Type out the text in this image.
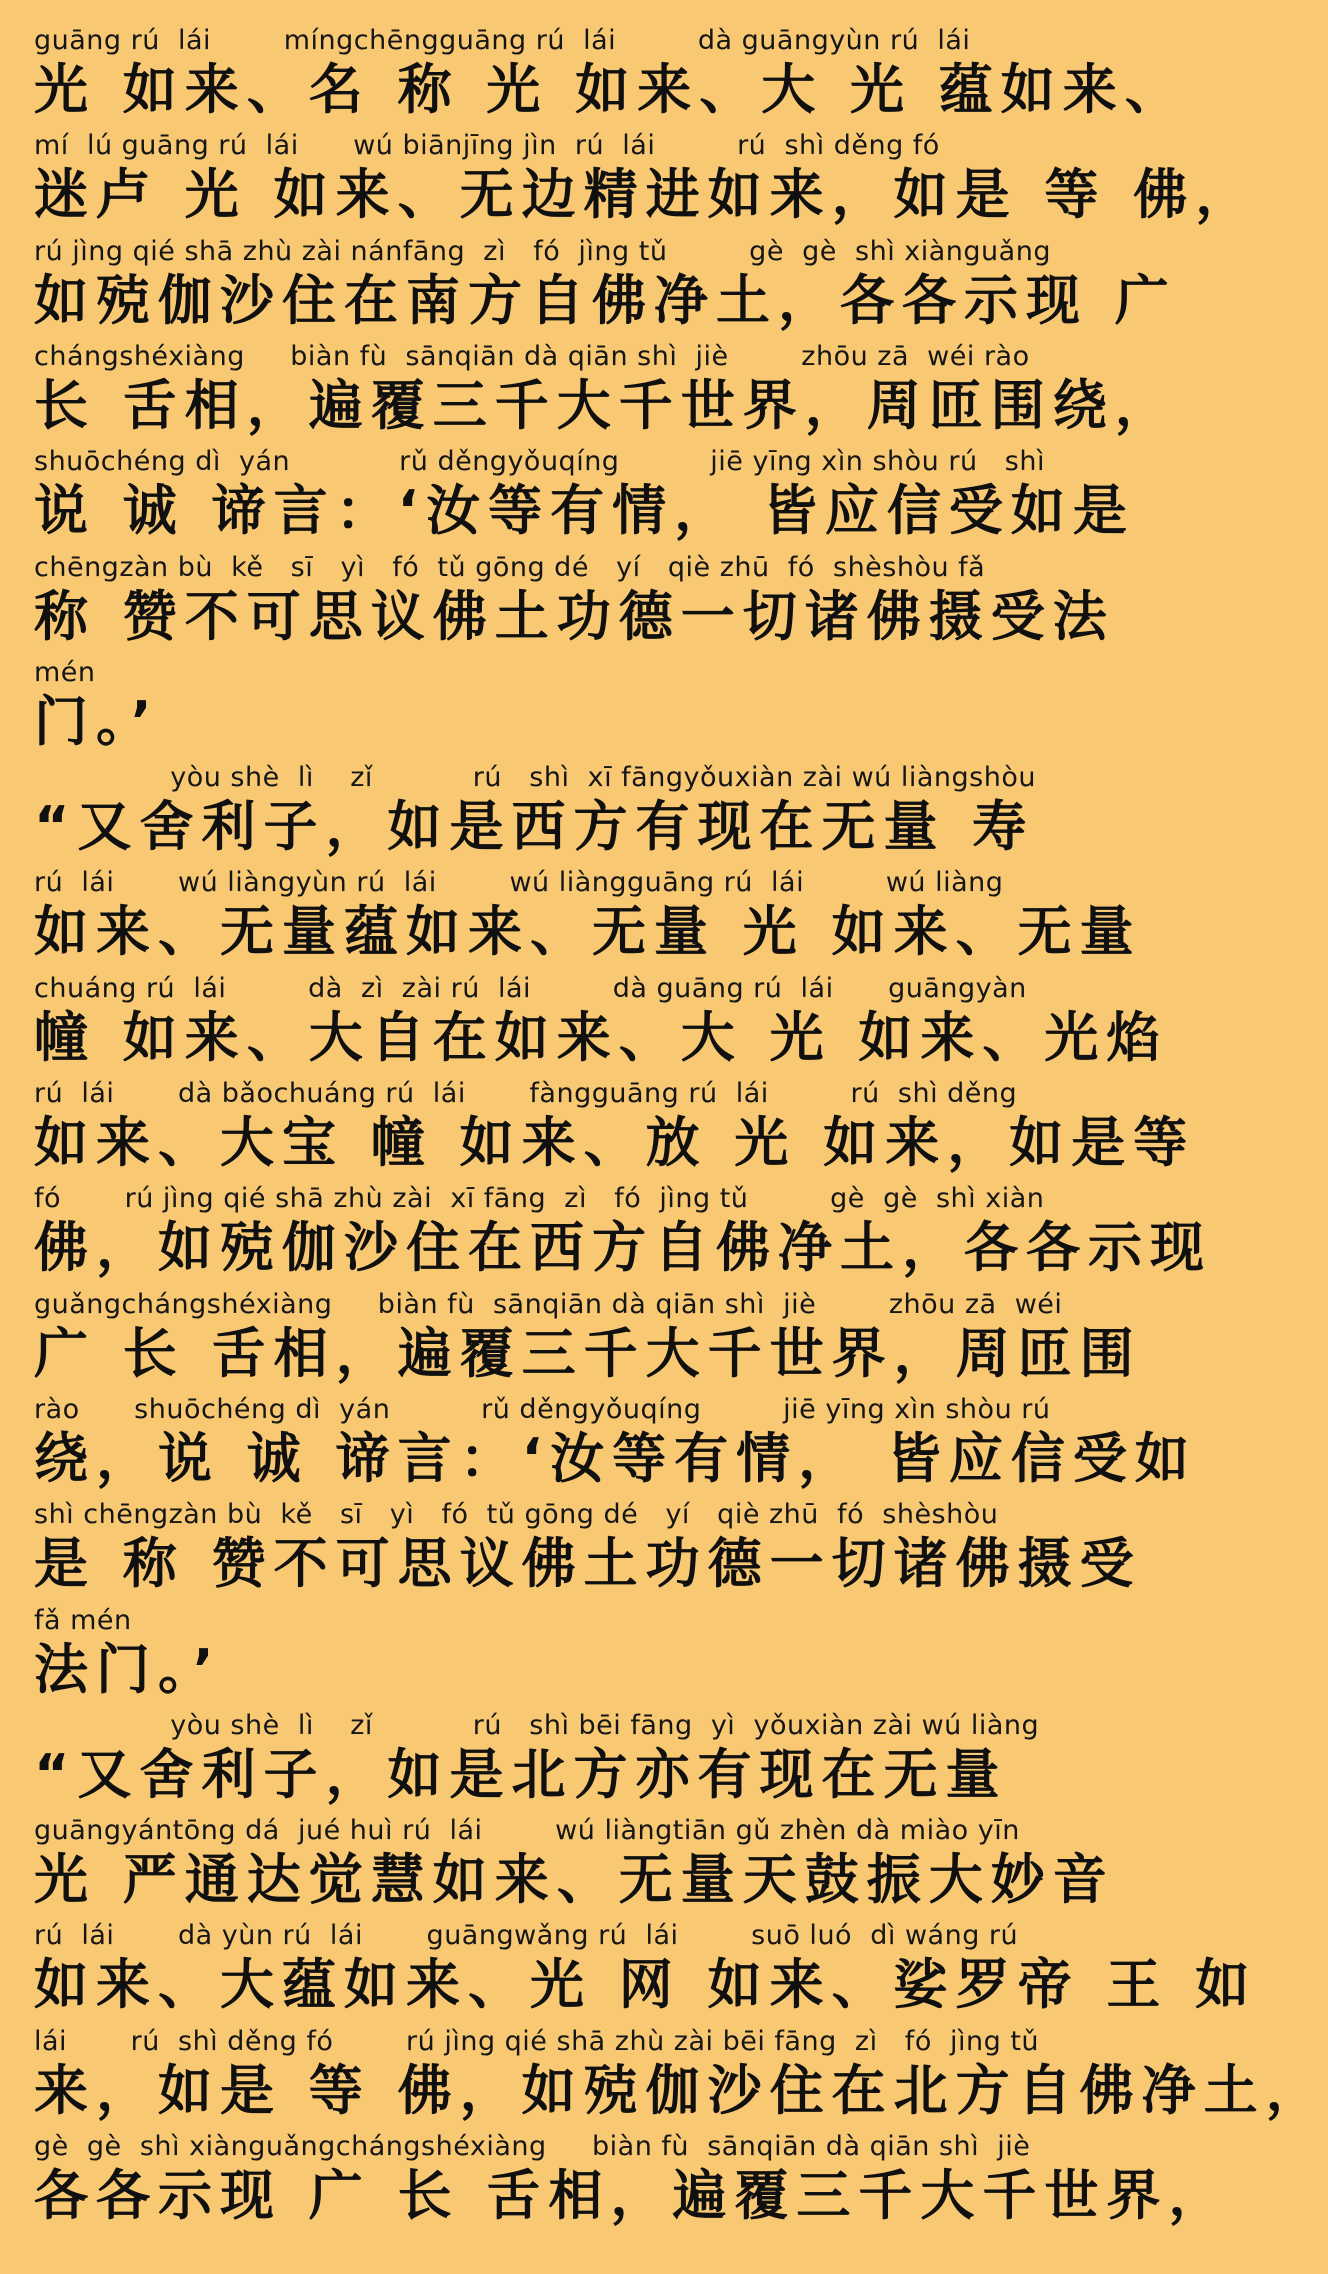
guāng rú  lái        míngchēngguāng rú  lái         dà guāngyùn rú  lái
光 如来、名 称 光 如来、大 光 蕴如来、
mí  lú guāng rú  lái      wú biānjīng jìn  rú  lái         rú  shì děng fó
迷卢 光 如来、无边精进如来，如是 等 佛，
rú jìng qié shā zhù zài nánfāng  zì   fó  jìng tǔ         gè  gè  shì xiànguǎng
如殑伽沙住在南方自佛净土，各各示现 广
chángshéxiàng     biàn fù  sānqiān dà qiān shì  jiè        zhōu zā  wéi rào
长 舌相，遍覆三千大千世界，周匝围绕，
shuōchéng dì  yán            rǔ děngyǒuqíng          jiē yīng xìn shòu rú   shì
说 诚 谛言：‘汝等有情， 皆应信受如是
chēngzàn bù  kě   sī   yì   fó  tǔ gōng dé   yí   qiè zhū  fó  shèshòu fǎ
称 赞不可思议佛土功德一切诸佛摄受法
mén
门。’
yòu shè  lì    zǐ           rú   shì  xī fāngyǒuxiàn zài wú liàngshòu
“又舍利子，如是西方有现在无量 寿
rú  lái       wú liàngyùn rú  lái        wú liàngguāng rú  lái         wú liàng
如来、无量蕴如来、无量 光 如来、无量
chuáng rú  lái         dà  zì  zài rú  lái         dà guāng rú  lái      guāngyàn
幢 如来、大自在如来、大 光 如来、光焰
rú  lái       dà bǎochuáng rú  lái       fàngguāng rú  lái         rú  shì děng
如来、大宝 幢 如来、放 光 如来，如是等
fó       rú jìng qié shā zhù zài  xī fāng  zì   fó  jìng tǔ         gè  gè  shì xiàn
佛，如殑伽沙住在西方自佛净土，各各示现
guǎngchángshéxiàng     biàn fù  sānqiān dà qiān shì  jiè        zhōu zā  wéi
广 长 舌相，遍覆三千大千世界，周匝围
rào      shuōchéng dì  yán          rǔ děngyǒuqíng         jiē yīng xìn shòu rú
绕，说 诚 谛言：‘汝等有情， 皆应信受如
shì chēngzàn bù  kě   sī   yì   fó  tǔ gōng dé   yí   qiè zhū  fó  shèshòu
是 称 赞不可思议佛土功德一切诸佛摄受
fǎ mén
法门。’
yòu shè  lì    zǐ           rú   shì bēi fāng  yì  yǒuxiàn zài wú liàng
“又舍利子，如是北方亦有现在无量
guāngyántōng dá  jué huì rú  lái        wú liàngtiān gǔ zhèn dà miào yīn
光 严通达觉慧如来、无量天鼓振大妙音
rú  lái       dà yùn rú  lái       guāngwǎng rú  lái        suō luó  dì wáng rú
如来、大蕴如来、光 网 如来、娑罗帝 王 如
lái       rú  shì děng fó        rú jìng qié shā zhù zài bēi fāng  zì   fó  jìng tǔ
来，如是 等 佛，如殑伽沙住在北方自佛净土，
gè  gè  shì xiànguǎngchángshéxiàng     biàn fù  sānqiān dà qiān shì  jiè
各各示现 广 长 舌相，遍覆三千大千世界，
